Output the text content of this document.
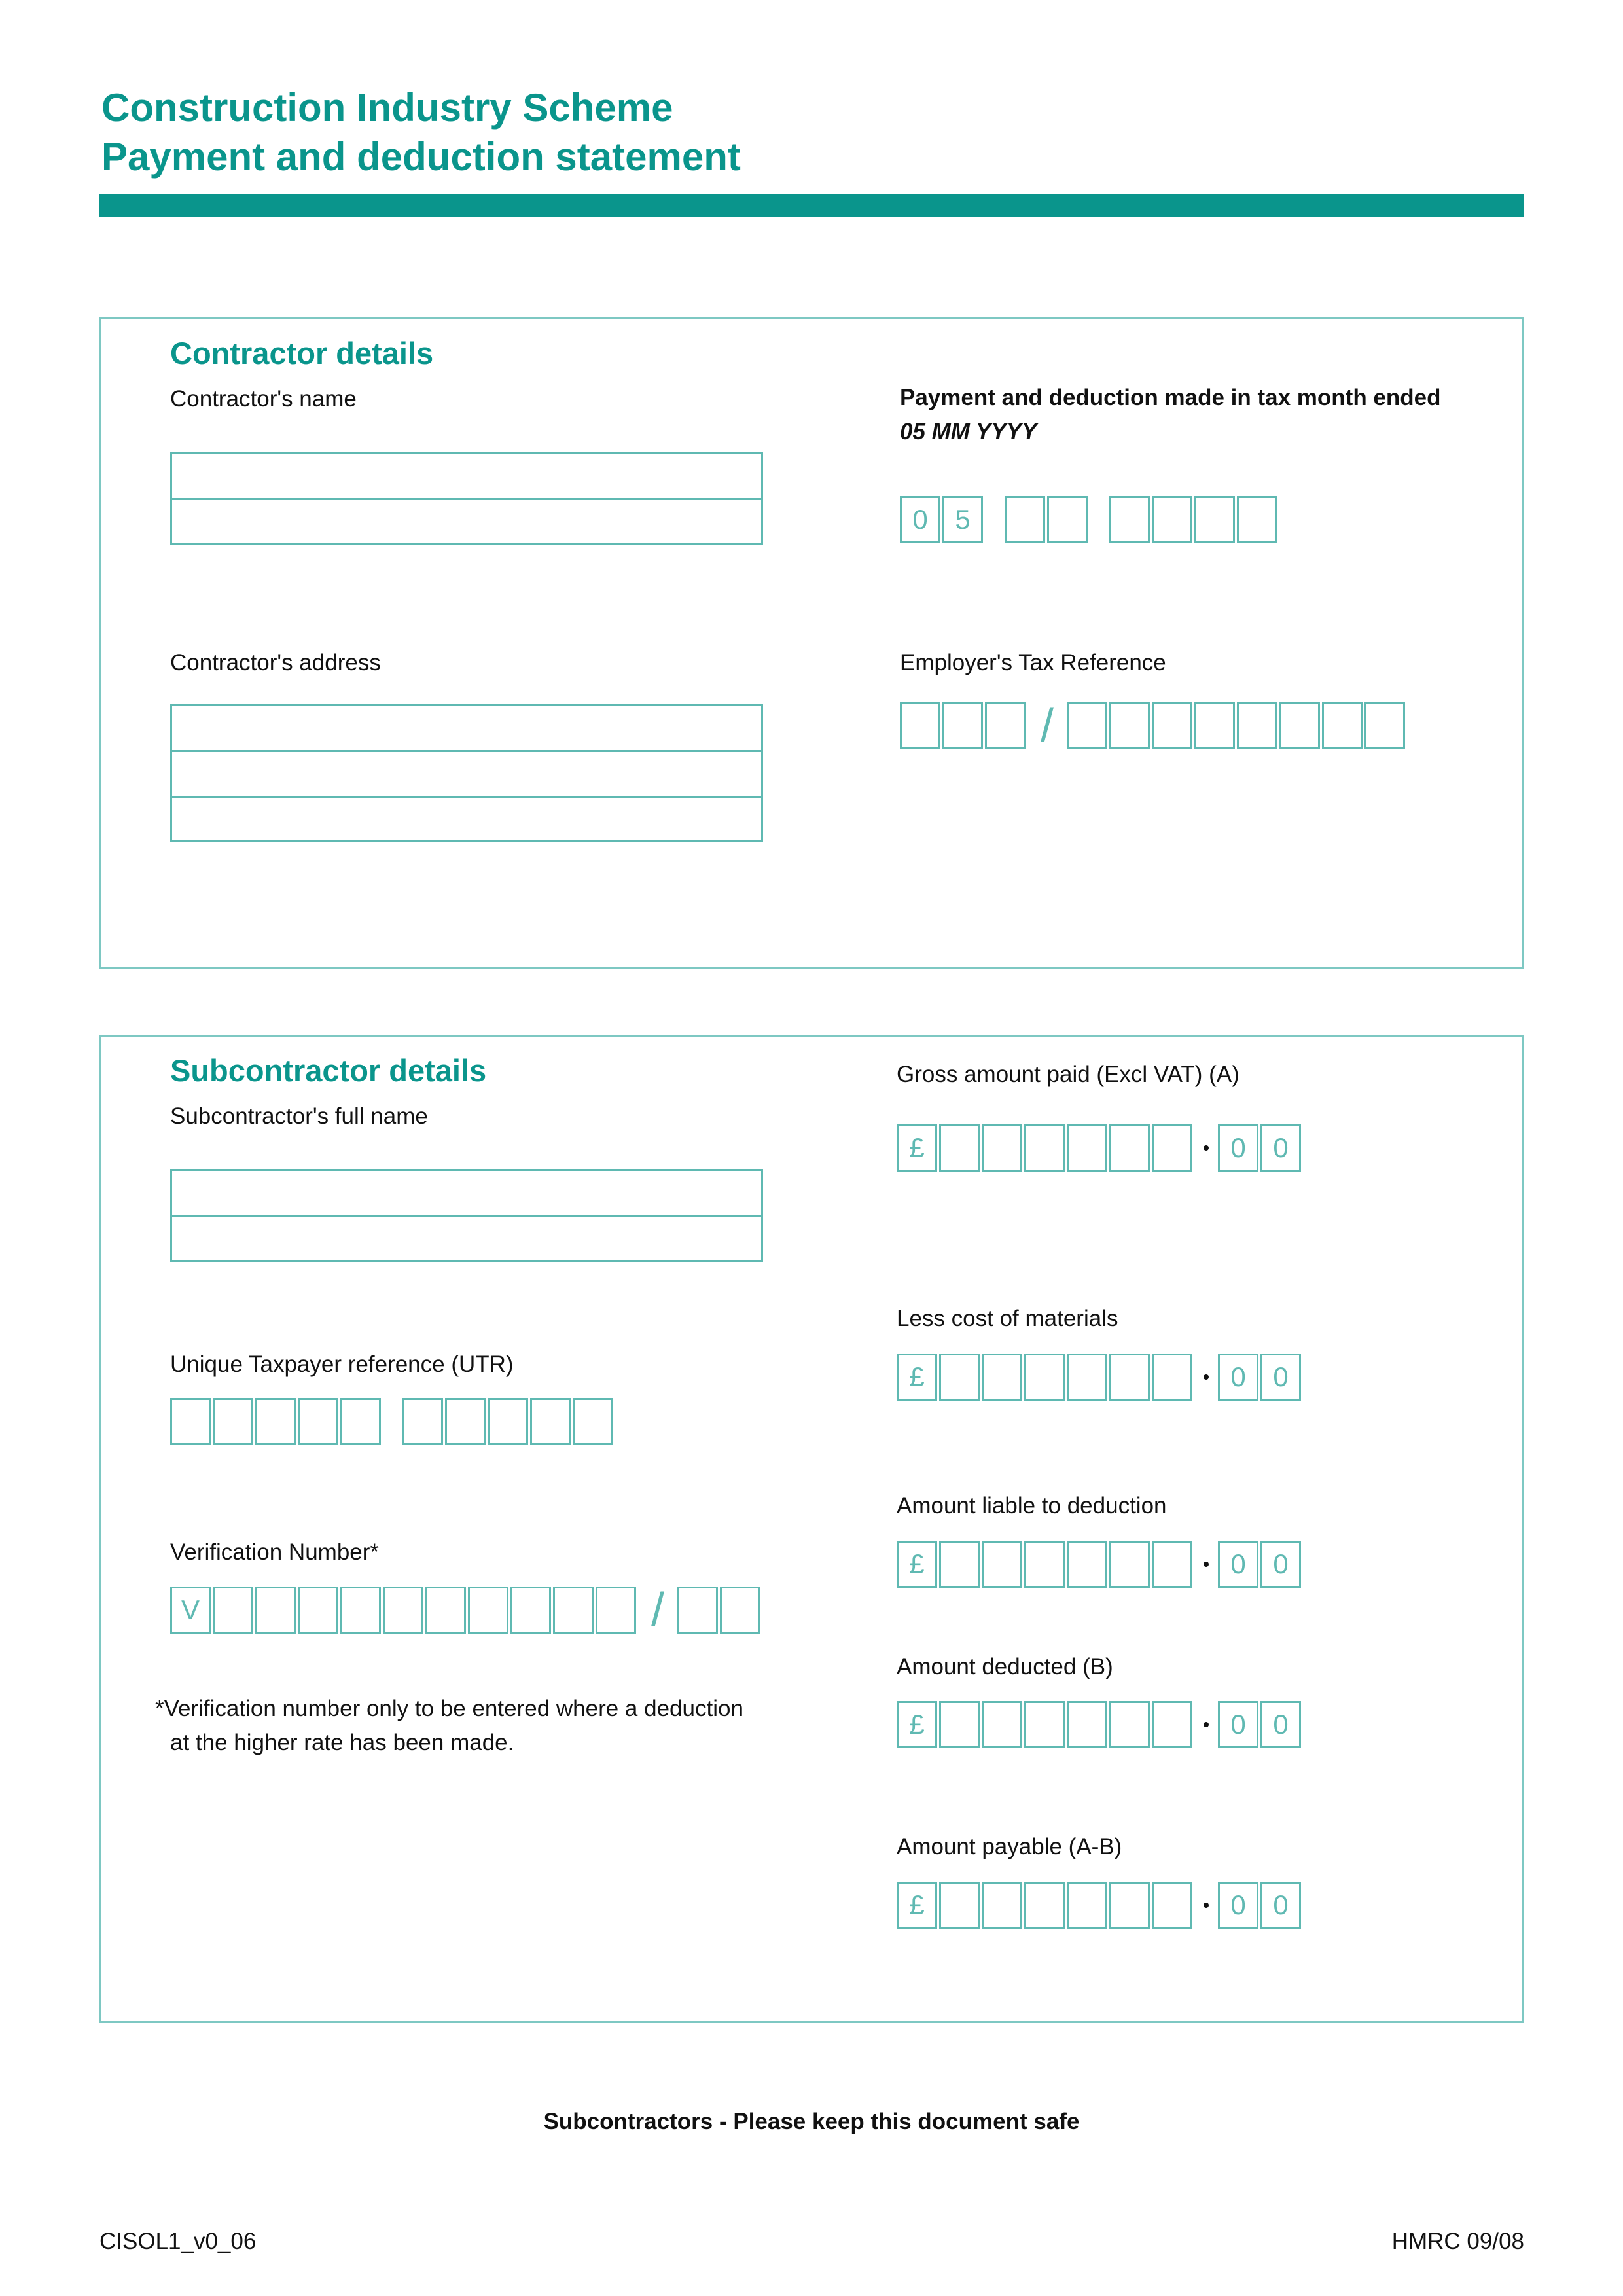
Construction Industry Scheme
Payment and deduction statement
Contractor details
Contractor's name
Contractor's address
Payment and deduction made in tax month ended
05 MM YYYY
0 5
Employer's Tax Reference
/
Subcontractor details
Subcontractor's full name
Unique Taxpayer reference (UTR)
Verification Number*
V	/
*Verification number only to be entered where a deduction
at the higher rate has been made.
Gross amount paid (Excl VAT) (A)
£	0 0
Less cost of materials
£	0 0
Amount liable to deduction
£	0 0
Amount deducted (B)
£	0 0
Amount payable (A-B)
£	0 0
Subcontractors - Please keep this document safe
CISOL1_v0_06	HMRC 09/08
